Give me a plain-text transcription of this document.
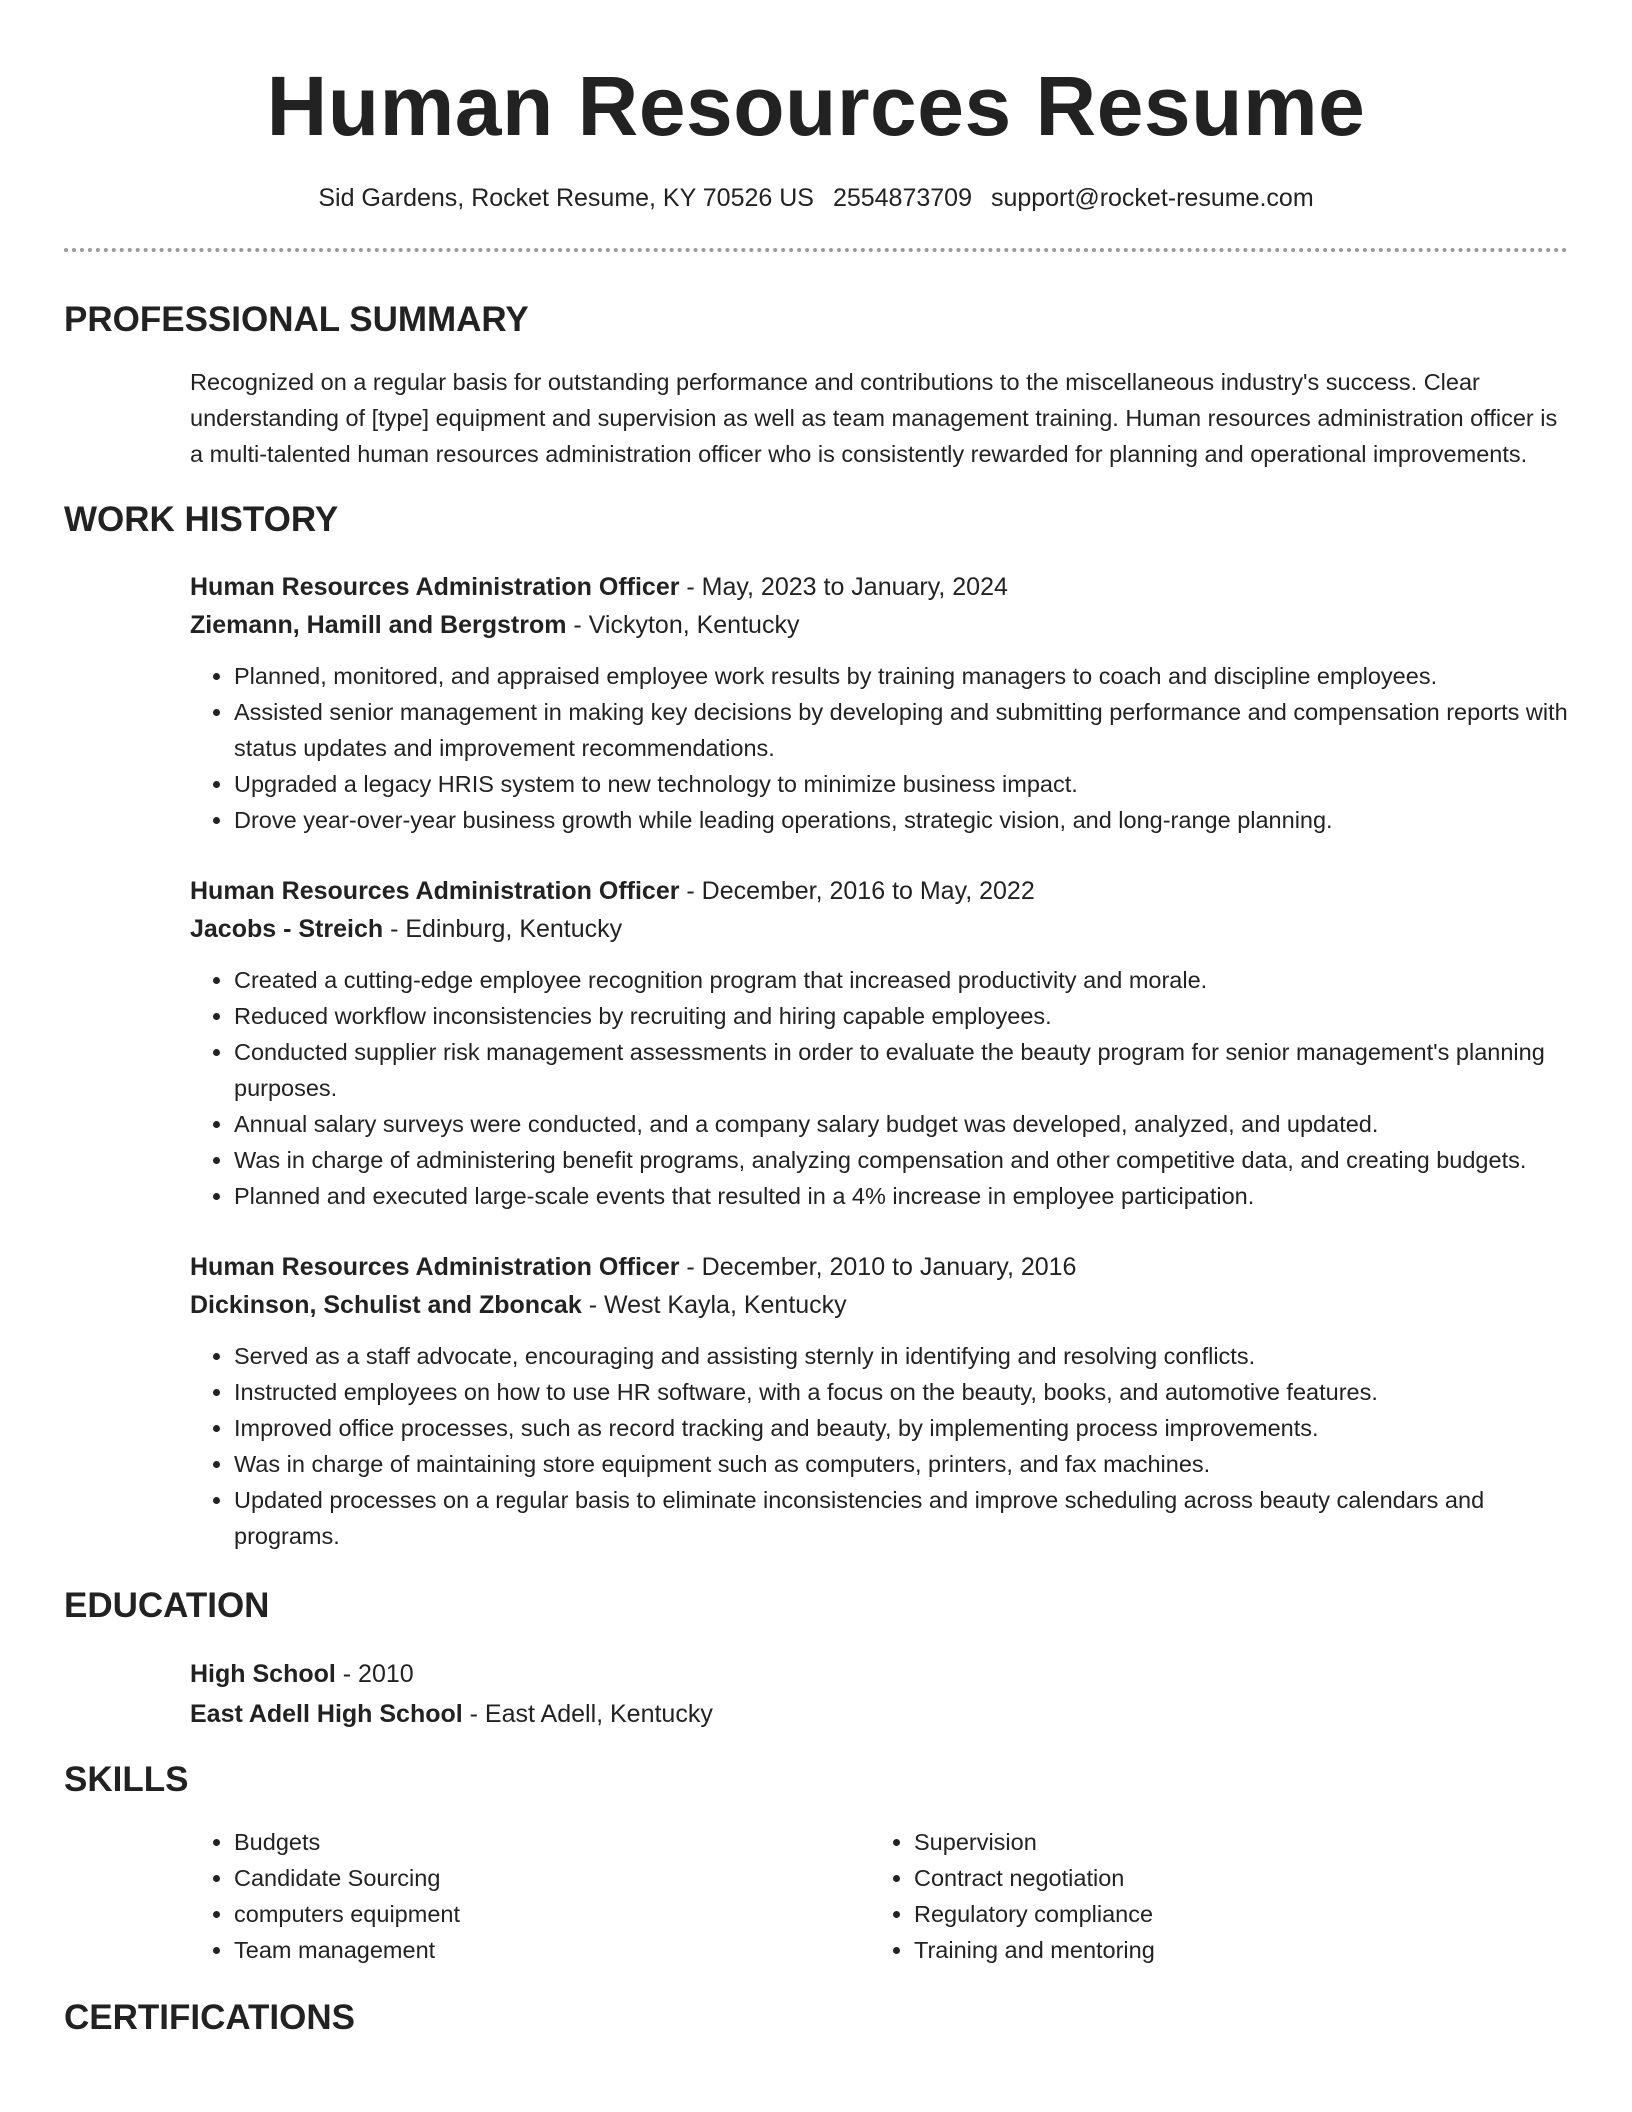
Human Resources Resume
Sid Gardens, Rocket Resume, KY 70526 US 2554873709 support@rocket-resume.com
PROFESSIONAL SUMMARY
Recognized on a regular basis for outstanding performance and contributions to the miscellaneous industry's success. Clear understanding of [type] equipment and supervision as well as team management training. Human resources administration officer is a multi-talented human resources administration officer who is consistently rewarded for planning and operational improvements.
WORK HISTORY
Human Resources Administration Officer - May, 2023 to January, 2024
Ziemann, Hamill and Bergstrom - Vickyton, Kentucky
• Planned, monitored, and appraised employee work results by training managers to coach and discipline employees.
• Assisted senior management in making key decisions by developing and submitting performance and compensation reports with status updates and improvement recommendations.
• Upgraded a legacy HRIS system to new technology to minimize business impact.
• Drove year-over-year business growth while leading operations, strategic vision, and long-range planning.
Human Resources Administration Officer - December, 2016 to May, 2022
Jacobs - Streich - Edinburg, Kentucky
• Created a cutting-edge employee recognition program that increased productivity and morale.
• Reduced workflow inconsistencies by recruiting and hiring capable employees.
• Conducted supplier risk management assessments in order to evaluate the beauty program for senior management's planning purposes.
• Annual salary surveys were conducted, and a company salary budget was developed, analyzed, and updated.
• Was in charge of administering benefit programs, analyzing compensation and other competitive data, and creating budgets.
• Planned and executed large-scale events that resulted in a 4% increase in employee participation.
Human Resources Administration Officer - December, 2010 to January, 2016
Dickinson, Schulist and Zboncak - West Kayla, Kentucky
• Served as a staff advocate, encouraging and assisting sternly in identifying and resolving conflicts.
• Instructed employees on how to use HR software, with a focus on the beauty, books, and automotive features.
• Improved office processes, such as record tracking and beauty, by implementing process improvements.
• Was in charge of maintaining store equipment such as computers, printers, and fax machines.
• Updated processes on a regular basis to eliminate inconsistencies and improve scheduling across beauty calendars and programs.
EDUCATION
High School - 2010
East Adell High School - East Adell, Kentucky
SKILLS
• Budgets
• Candidate Sourcing
• computers equipment
• Team management
• Supervision
• Contract negotiation
• Regulatory compliance
• Training and mentoring
CERTIFICATIONS
